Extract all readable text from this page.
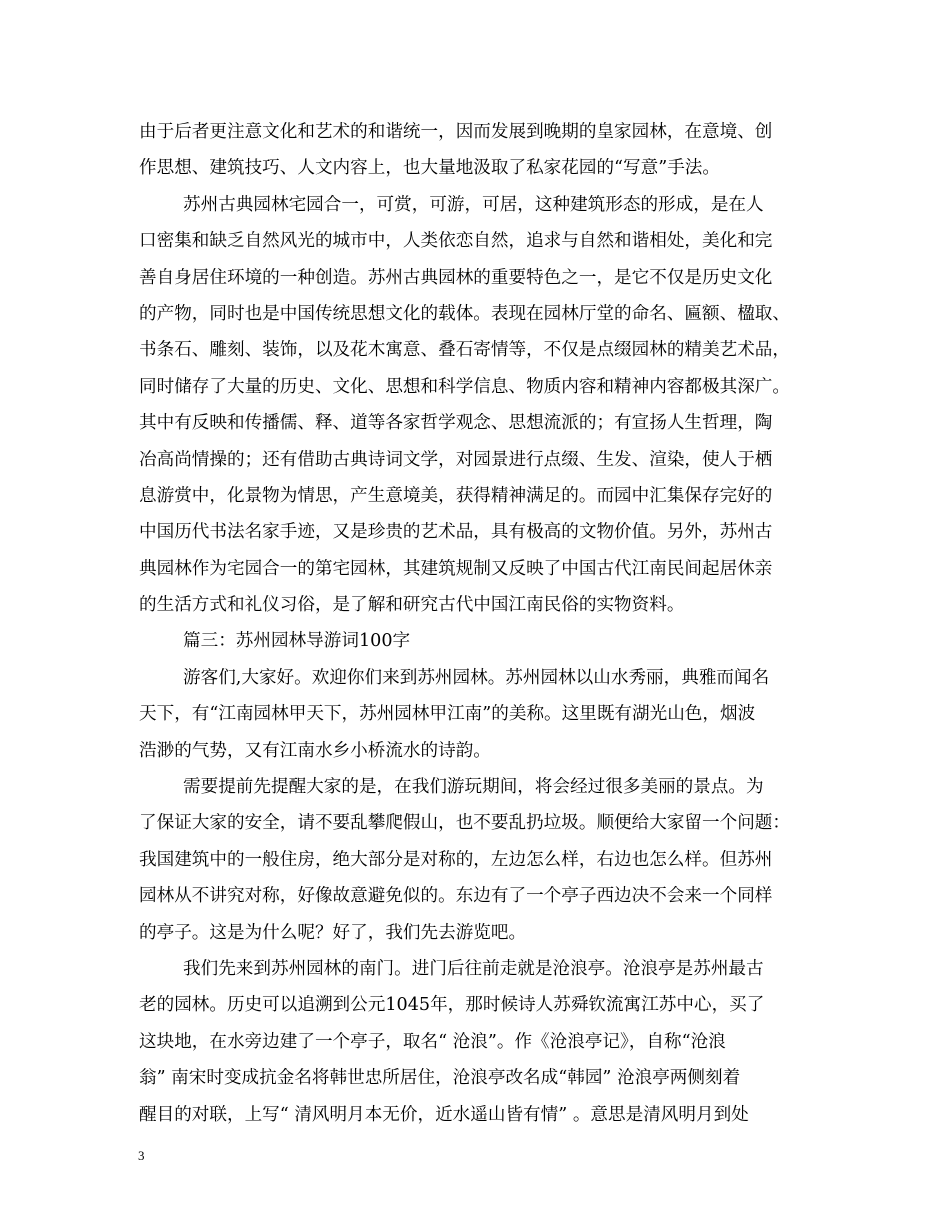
由于后者更注意文化和艺术的和谐统一，因而发展到晚期的皇家园林，在意境、创
作思想、建筑技巧、人文内容上，也大量地汲取了私家花园的“写意”手法。
苏州古典园林宅园合一，可赏，可游，可居，这种建筑形态的形成，是在人
口密集和缺乏自然风光的城市中，人类依恋自然，追求与自然和谐相处，美化和完
善自身居住环境的一种创造。苏州古典园林的重要特色之一，是它不仅是历史文化
的产物，同时也是中国传统思想文化的载体。表现在园林厅堂的命名、匾额、楹取、
书条石、雕刻、装饰，以及花木寓意、叠石寄情等，不仅是点缀园林的精美艺术品，
同时储存了大量的历史、文化、思想和科学信息、物质内容和精神内容都极其深广。
其中有反映和传播儒、释、道等各家哲学观念、思想流派的；有宣扬人生哲理，陶
冶高尚情操的；还有借助古典诗词文学，对园景进行点缀、生发、渲染，使人于栖
息游赏中，化景物为情思，产生意境美，获得精神满足的。而园中汇集保存完好的
中国历代书法名家手迹，又是珍贵的艺术品，具有极高的文物价值。另外，苏州古
典园林作为宅园合一的第宅园林，其建筑规制又反映了中国古代江南民间起居休亲
的生活方式和礼仪习俗，是了解和研究古代中国江南民俗的实物资料。
篇三：苏州园林导游词100字
游客们,大家好。欢迎你们来到苏州园林。苏州园林以山水秀丽，典雅而闻名
天下，有“江南园林甲天下，苏州园林甲江南”的美称。这里既有湖光山色，烟波
浩渺的气势，又有江南水乡小桥流水的诗韵。
需要提前先提醒大家的是，在我们游玩期间，将会经过很多美丽的景点。为
了保证大家的安全，请不要乱攀爬假山，也不要乱扔垃圾。顺便给大家留一个问题：
我国建筑中的一般住房，绝大部分是对称的，左边怎么样，右边也怎么样。但苏州
园林从不讲究对称，好像故意避免似的。东边有了一个亭子西边决不会来一个同样
的亭子。这是为什么呢？好了，我们先去游览吧。
我们先来到苏州园林的南门。进门后往前走就是沧浪亭。沧浪亭是苏州最古
老的园林。历史可以追溯到公元1045年，那时候诗人苏舜钦流寓江苏中心，买了
这块地，在水旁边建了一个亭子，取名“ 沧浪”。作《沧浪亭记》，自称“沧浪
翁” 南宋时变成抗金名将韩世忠所居住，沧浪亭改名成“韩园” 沧浪亭两侧刻着
醒目的对联，上写“ 清风明月本无价，近水遥山皆有情” 。意思是清风明月到处
3
